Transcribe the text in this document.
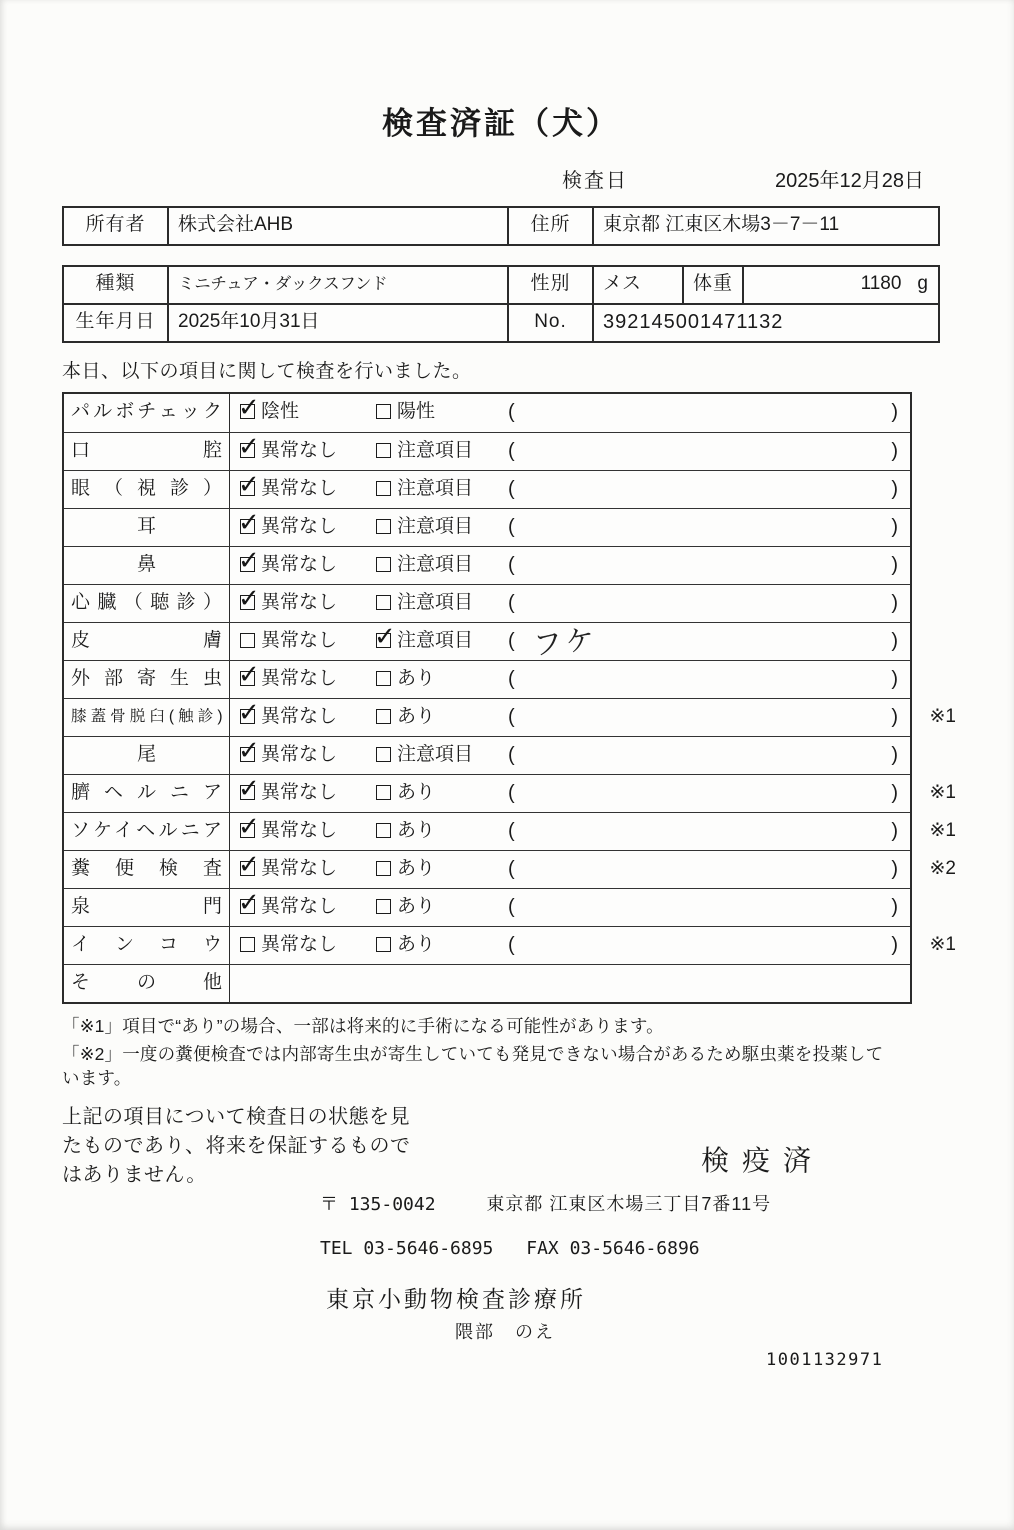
検査済証（犬）
検査日	2025年12月28日
所有者	株式会社AHB	住所	東京都 江東区木場3－7－11
種類	ミニチュア・ダックスフンド	性別	メス	体重	1180 g
生年月日	2025年10月31日	No.	392145001471132
本日、以下の項目に関して検査を行いました。
パルボチェック ✓	陰性	陽性	(	)
口腔 ✓	異常なし	注意項目 (	)
眼（視診） ✓	異常なし	注意項目 (	)
耳 ✓	異常なし	注意項目 (	)
鼻 ✓	異常なし	注意項目 (	)
心臓（聴診） ✓	異常なし	注意項目 (	)
皮膚	異常なし ✓	注意項目 ( フケ	)
外部寄生虫 ✓	異常なし	あり	(	)
膝蓋骨脱臼(触診) ✓	異常なし	あり	(	) ※1
尾 ✓	異常なし	注意項目 (	)
臍ヘルニア ✓	異常なし	あり	(	) ※1
ソケイヘルニア ✓	異常なし	あり	(	) ※1
糞便検査 ✓	異常なし	あり	(	) ※2
泉門 ✓	異常なし	あり	(	)
インコウ	異常なし	あり	(	) ※1
その他
「※1」項目で“あり”の場合、一部は将来的に手術になる可能性があります。
「※2」一度の糞便検査では内部寄生虫が寄生していても発見できない場合があるため駆虫薬を投薬しています。
上記の項目について検査日の状態を見たものであり、将来を保証するものではありません。	検疫済
〒 135-0042	東京都 江東区木場三丁目7番11号
TEL 03-5646-6895 FAX 03-5646-6896
東京小動物検査診療所
隈部　のえ
1001132971
